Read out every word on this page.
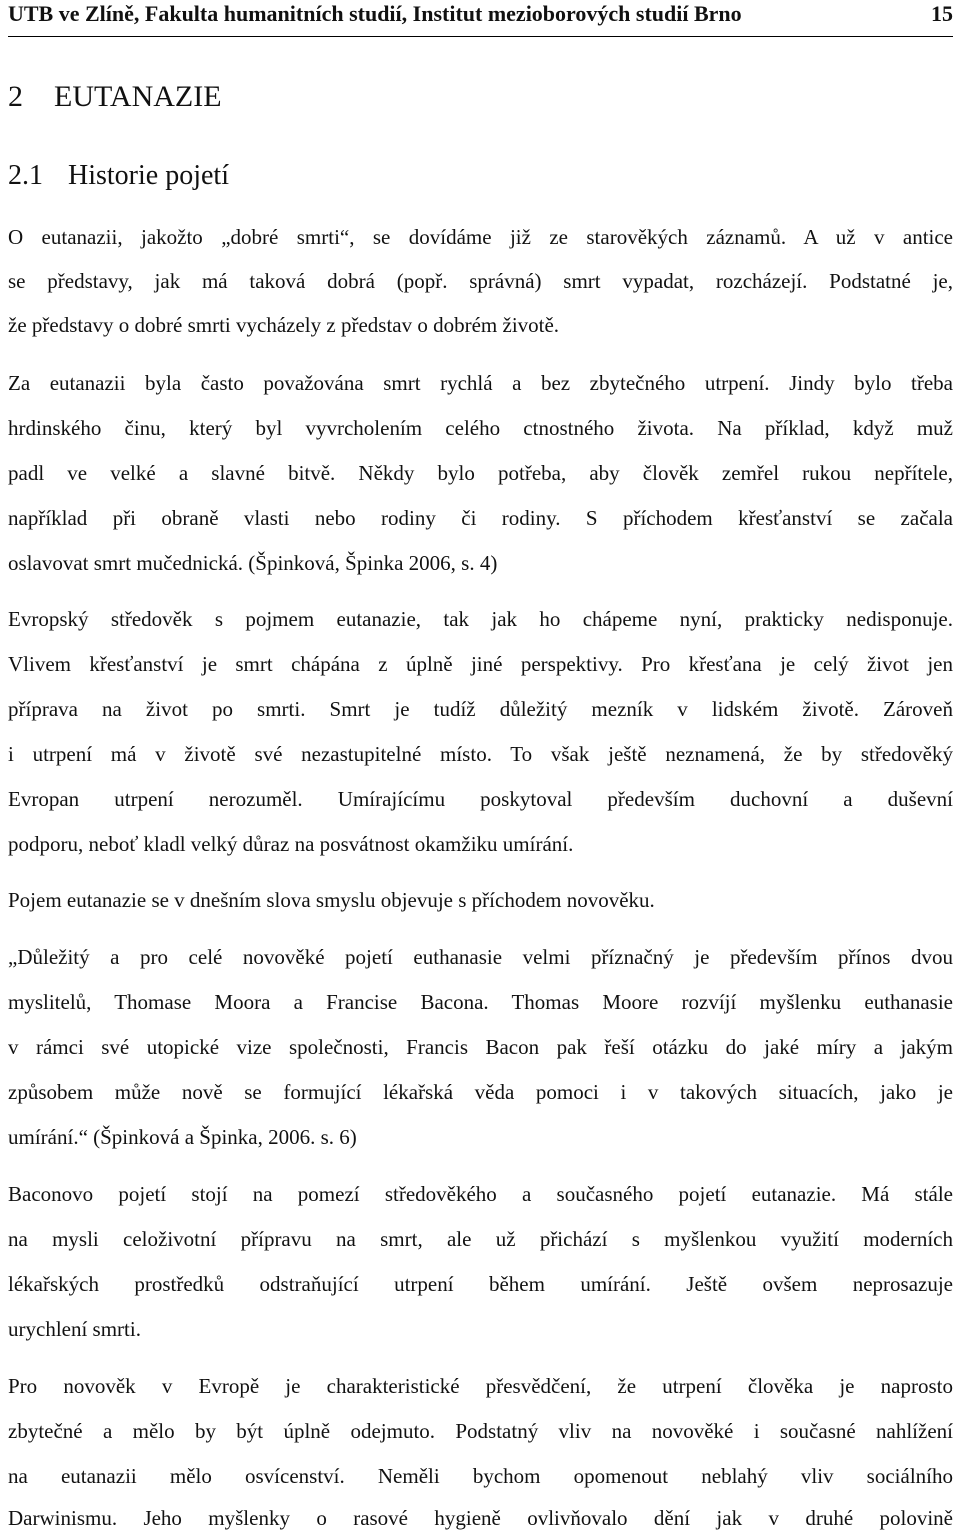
UTB ve Zlíně, Fakulta humanitních studií, Institut mezioborových studií Brno	15
2 EUTANAZIE
2.1 Historie pojetí
O eutanazii, jakožto „dobré smrti“, se dovídáme již ze starověkých záznamů. A už v antice
se představy, jak má taková dobrá (popř. správná) smrt vypadat, rozcházejí. Podstatné je,
že představy o dobré smrti vycházely z představ o dobrém životě.
Za eutanazii byla často považována smrt rychlá a bez zbytečného utrpení. Jindy bylo třeba
hrdinského činu, který byl vyvrcholením celého ctnostného života. Na příklad, když muž
padl ve velké a slavné bitvě. Někdy bylo potřeba, aby člověk zemřel rukou nepřítele,
například při obraně vlasti nebo rodiny či rodiny. S příchodem křesťanství se začala
oslavovat smrt mučednická. (Špinková, Špinka 2006, s. 4)
Evropský středověk s pojmem eutanazie, tak jak ho chápeme nyní, prakticky nedisponuje.
Vlivem křesťanství je smrt chápána z úplně jiné perspektivy. Pro křesťana je celý život jen
příprava na život po smrti. Smrt je tudíž důležitý mezník v lidském životě. Zároveň
i utrpení má v životě své nezastupitelné místo. To však ještě neznamená, že by středověký
Evropan utrpení nerozuměl. Umírajícímu poskytoval především duchovní a duševní
podporu, neboť kladl velký důraz na posvátnost okamžiku umírání.
Pojem eutanazie se v dnešním slova smyslu objevuje s příchodem novověku.
„Důležitý a pro celé novověké pojetí euthanasie velmi příznačný je především přínos dvou
myslitelů, Thomase Moora a Francise Bacona. Thomas Moore rozvíjí myšlenku euthanasie
v rámci své utopické vize společnosti, Francis Bacon pak řeší otázku do jaké míry a jakým
způsobem může nově se formující lékařská věda pomoci i v takových situacích, jako je
umírání.“ (Špinková a Špinka, 2006. s. 6)
Baconovo pojetí stojí na pomezí středověkého a současného pojetí eutanazie. Má stále
na mysli celoživotní přípravu na smrt, ale už přichází s myšlenkou využití moderních
lékařských prostředků odstraňující utrpení během umírání. Ještě ovšem neprosazuje
urychlení smrti.
Pro novověk v Evropě je charakteristické přesvědčení, že utrpení člověka je naprosto
zbytečné a mělo by být úplně odejmuto. Podstatný vliv na novověké i současné nahlížení
na eutanazii mělo osvícenství. Neměli bychom opomenout neblahý vliv sociálního
Darwinismu. Jeho myšlenky o rasové hygieně ovlivňovalo dění jak v druhé polovině
